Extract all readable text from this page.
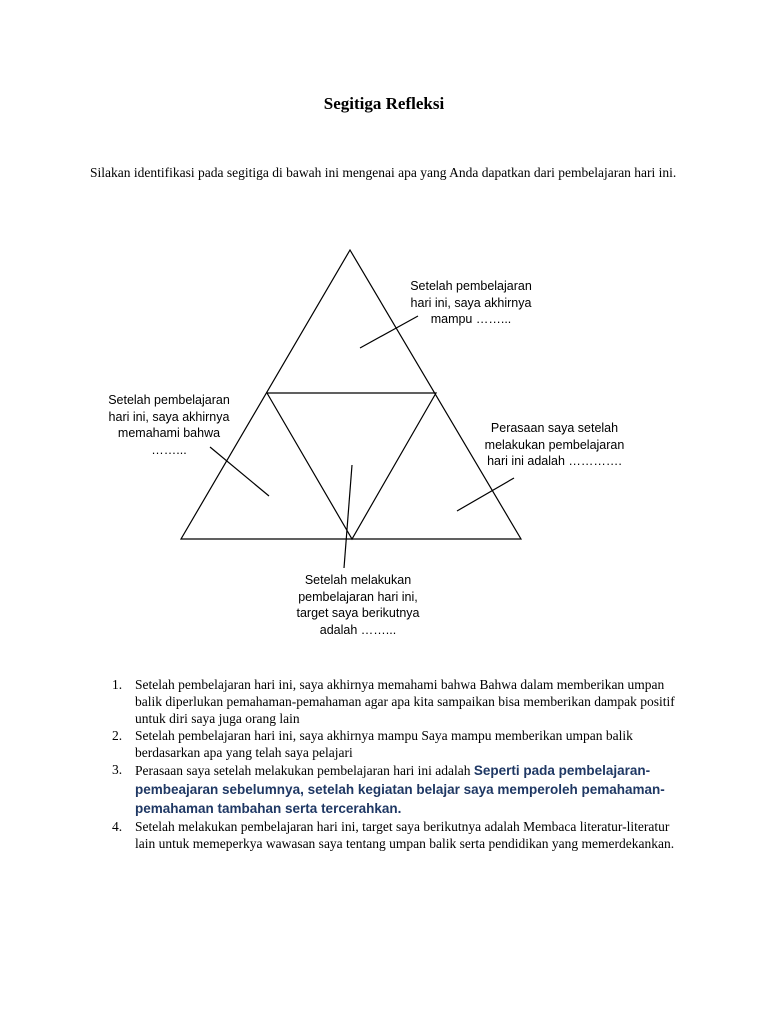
Segitiga Refleksi
Silakan identifikasi pada segitiga di bawah ini mengenai apa yang Anda dapatkan dari pembelajaran hari ini.
Setelah pembelajaran
hari ini, saya akhirnya
mampu ……...
Setelah pembelajaran
hari ini, saya akhirnya
memahami bahwa
……...
Perasaan saya setelah
melakukan pembelajaran
hari ini adalah ………….
Setelah melakukan
pembelajaran hari ini,
target saya berikutnya
adalah ……...
1. Setelah pembelajaran hari ini, saya akhirnya memahami bahwa Bahwa dalam memberikan umpan balik diperlukan pemahaman-pemahaman agar apa kita sampaikan bisa memberikan dampak positif untuk diri saya juga orang lain
2. Setelah pembelajaran hari ini, saya akhirnya mampu Saya mampu memberikan umpan balik berdasarkan apa yang telah saya pelajari
3. Perasaan saya setelah melakukan pembelajaran hari ini adalah Seperti pada pembelajaran-pembeajaran sebelumnya, setelah kegiatan belajar saya memperoleh pemahaman-pemahaman tambahan serta tercerahkan.
4. Setelah melakukan pembelajaran hari ini, target saya berikutnya adalah Membaca literatur-literatur lain untuk memeperkya wawasan saya tentang umpan balik serta pendidikan yang memerdekankan.
